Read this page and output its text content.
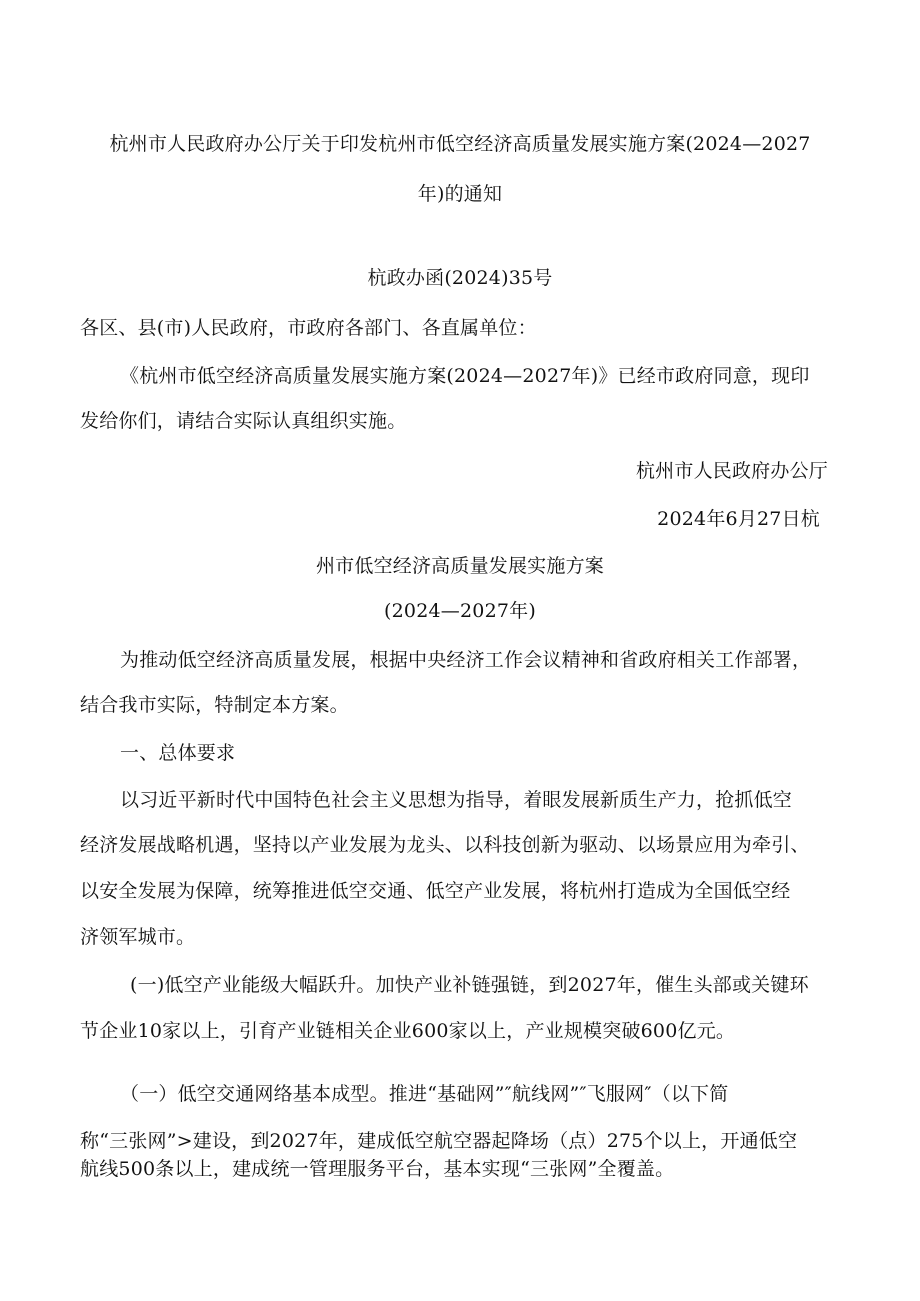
杭州市人民政府办公厅关于印发杭州市低空经济高质量发展实施方案(2024—2027
年)的通知
杭政办函(2024)35号
各区、县(市)人民政府，市政府各部门、各直属单位：
《杭州市低空经济高质量发展实施方案(2024—2027年)》已经市政府同意，现印
发给你们，请结合实际认真组织实施。
杭州市人民政府办公厅
2024年6月27日杭
州市低空经济高质量发展实施方案
(2024—2027年)
为推动低空经济高质量发展，根据中央经济工作会议精神和省政府相关工作部署，
结合我市实际，特制定本方案。
一、总体要求
以习近平新时代中国特色社会主义思想为指导，着眼发展新质生产力，抢抓低空
经济发展战略机遇，坚持以产业发展为龙头、以科技创新为驱动、以场景应用为牵引、
以安全发展为保障，统筹推进低空交通、低空产业发展，将杭州打造成为全国低空经
济领军城市。
(一)低空产业能级大幅跃升。加快产业补链强链，到2027年，催生头部或关键环
节企业10家以上，引育产业链相关企业600家以上，产业规模突破600亿元。
（一）低空交通网络基本成型。推进“基础网”″航线网”″飞服网″（以下简
称“三张网”>建设，到2027年，建成低空航空器起降场（点）275个以上，开通低空
航线500条以上，建成统一管理服务平台，基本实现“三张网”全覆盖。
